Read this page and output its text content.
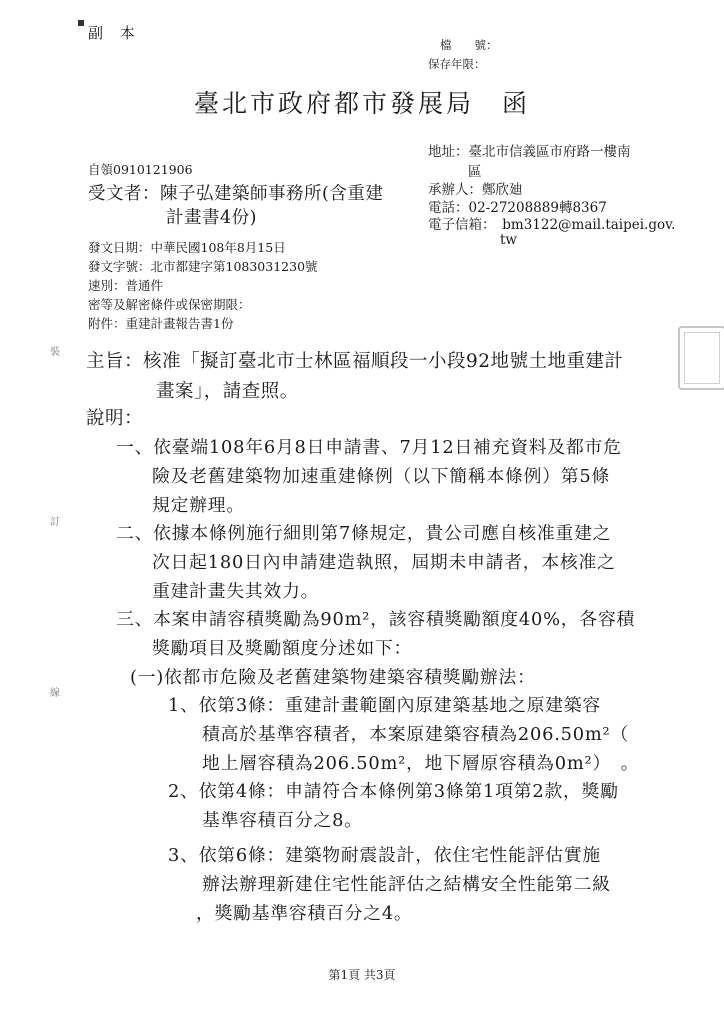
副 本
檔　　號：
保存年限：
臺北市政府都市發展局　函
地址：臺北市信義區市府路一樓南
區
承辦人：鄭欣廸
電話：02-27208889轉8367
電子信箱：　bm3122@mail.taipei.gov.
tw
自領0910121906
受文者：陳子弘建築師事務所(含重建
計畫書4份)
發文日期：中華民國108年8月15日
發文字號：北市都建字第1083031230號
速別：普通件
密等及解密條件或保密期限：
附件：重建計畫報告書1份
主旨：核准「擬訂臺北市士林區福順段一小段92地號土地重建計
畫案」，請查照。
說明：
一、依臺端108年6月8日申請書、7月12日補充資料及都市危
險及老舊建築物加速重建條例（以下簡稱本條例）第5條
規定辦理。
二、依據本條例施行細則第7條規定，貴公司應自核准重建之
次日起180日內申請建造執照，屆期未申請者，本核准之
重建計畫失其效力。
三、本案申請容積獎勵為90m²，該容積獎勵額度40%，各容積
獎勵項目及獎勵額度分述如下：
(一)依都市危險及老舊建築物建築容積獎勵辦法：
1、依第3條：重建計畫範圍內原建築基地之原建築容
積高於基準容積者，本案原建築容積為206.50m²（
地上層容積為206.50m²，地下層原容積為0m²）　。
2、依第4條：申請符合本條例第3條第1項第2款，獎勵
基準容積百分之8。
3、依第6條：建築物耐震設計，依住宅性能評估實施
辦法辦理新建住宅性能評估之結構安全性能第二級
，獎勵基準容積百分之4。
裝
訂
線
第1頁 共3頁
